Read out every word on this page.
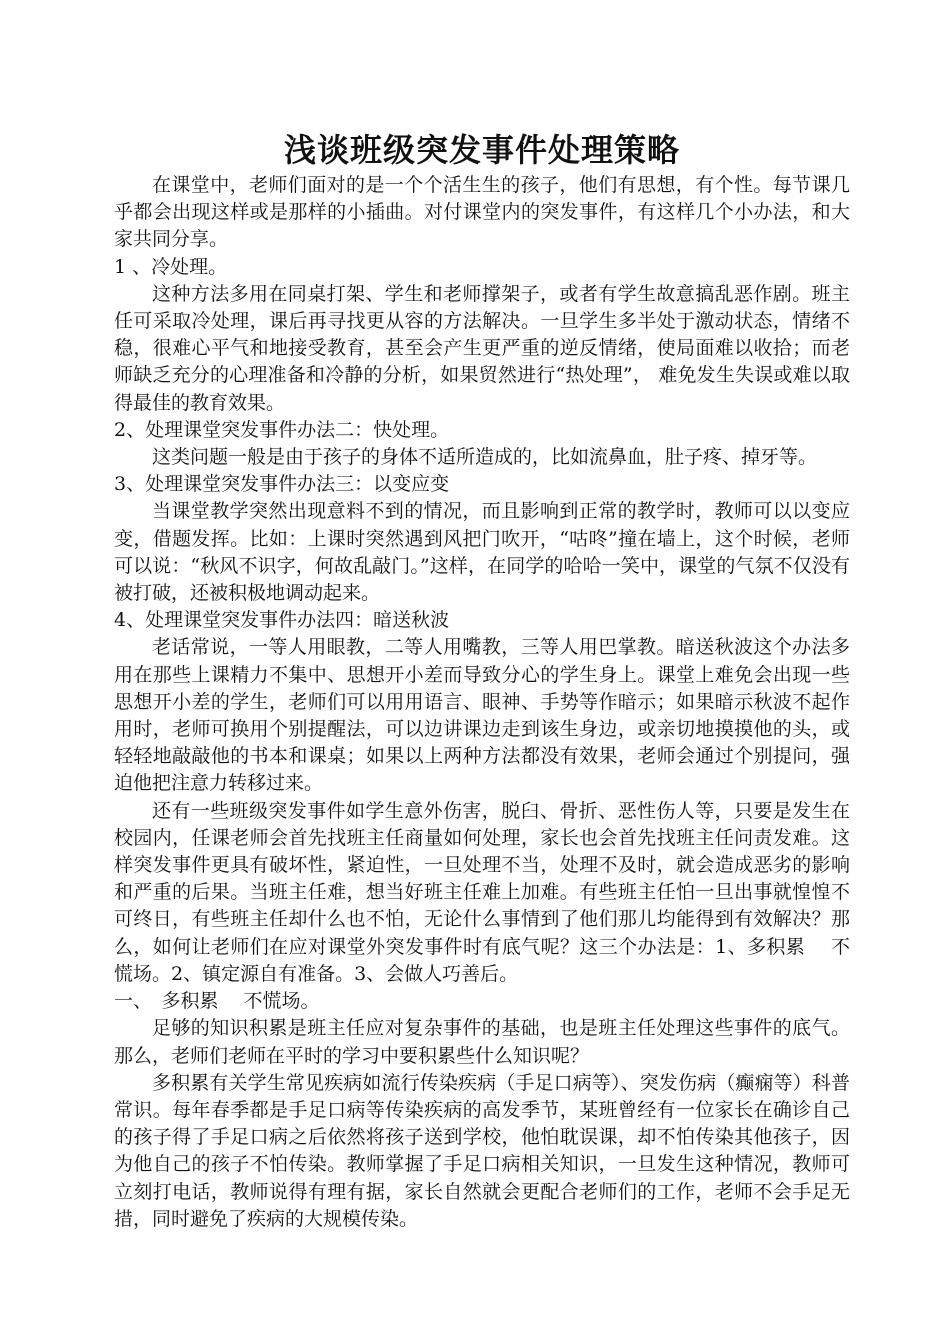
浅谈班级突发事件处理策略
在课堂中，老师们面对的是一个个活生生的孩子，他们有思想，有个性。每节课几乎都会出现这样或是那样的小插曲。对付课堂内的突发事件，有这样几个小办法，和大家共同分享。
1 、冷处理。
这种方法多用在同桌打架、学生和老师撑架子，或者有学生故意搞乱恶作剧。班主任可采取冷处理，课后再寻找更从容的方法解决。一旦学生多半处于激动状态，情绪不稳，很难心平气和地接受教育，甚至会产生更严重的逆反情绪，使局面难以收拾；而老师缺乏充分的心理准备和冷静的分析，如果贸然进行“热处理”， 难免发生失误或难以取得最佳的教育效果。
2、处理课堂突发事件办法二：快处理。
这类问题一般是由于孩子的身体不适所造成的，比如流鼻血，肚子疼、掉牙等。
3、处理课堂突发事件办法三：以变应变
当课堂教学突然出现意料不到的情况，而且影响到正常的教学时，教师可以以变应变，借题发挥。比如：上课时突然遇到风把门吹开，“咕咚”撞在墙上，这个时候，老师可以说：“秋风不识字，何故乱敲门。”这样，在同学的哈哈一笑中，课堂的气氛不仅没有被打破，还被积极地调动起来。
4、处理课堂突发事件办法四：暗送秋波
老话常说，一等人用眼教，二等人用嘴教，三等人用巴掌教。暗送秋波这个办法多用在那些上课精力不集中、思想开小差而导致分心的学生身上。课堂上难免会出现一些思想开小差的学生，老师们可以用用语言、眼神、手势等作暗示；如果暗示秋波不起作用时，老师可换用个别提醒法，可以边讲课边走到该生身边，或亲切地摸摸他的头，或轻轻地敲敲他的书本和课桌；如果以上两种方法都没有效果，老师会通过个别提问，强迫他把注意力转移过来。
还有一些班级突发事件如学生意外伤害，脱臼、骨折、恶性伤人等，只要是发生在校园内，任课老师会首先找班主任商量如何处理，家长也会首先找班主任问责发难。这样突发事件更具有破坏性，紧迫性，一旦处理不当，处理不及时，就会造成恶劣的影响和严重的后果。当班主任难，想当好班主任难上加难。有些班主任怕一旦出事就惶惶不可终日，有些班主任却什么也不怕，无论什么事情到了他们那儿均能得到有效解决？那么，如何让老师们在应对课堂外突发事件时有底气呢？这三个办法是：1、多积累　 不慌场。2、镇定源自有准备。3、会做人巧善后。
一、　多积累　 不慌场。
足够的知识积累是班主任应对复杂事件的基础，也是班主任处理这些事件的底气。那么，老师们老师在平时的学习中要积累些什么知识呢？
多积累有关学生常见疾病如流行传染疾病（手足口病等）、突发伤病（癫痫等）科普常识。每年春季都是手足口病等传染疾病的高发季节，某班曾经有一位家长在确诊自己的孩子得了手足口病之后依然将孩子送到学校，他怕耽误课，却不怕传染其他孩子，因为他自己的孩子不怕传染。教师掌握了手足口病相关知识，一旦发生这种情况，教师可立刻打电话，教师说得有理有据，家长自然就会更配合老师们的工作，老师不会手足无措，同时避免了疾病的大规模传染。
